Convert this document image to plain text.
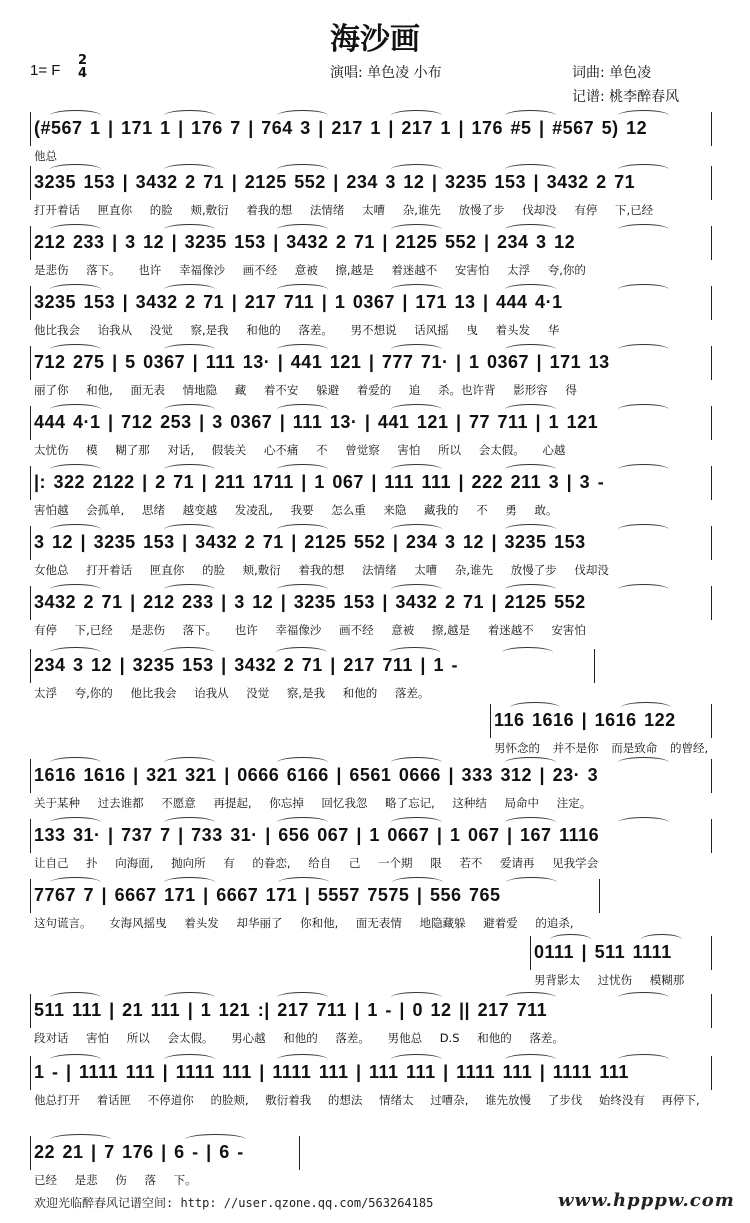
海沙画
1= F
2
4	演唱: 单色凌 小布	词曲: 单色凌
记谱: 桃李醉春风
(#567 1 | 171 1 | 176 7 | 764 3 | 217 1 | 217 1 | 176 #5 | #567 5) 12
他总
3235 153 | 3432 2 71 | 2125 552 | 234 3 12 | 3235 153 | 3432 2 71
打开着话 匣直你 的脸 颊,敷衍 着我的想 法情绪 太嘈 杂,谁先 放慢了步 伐却没 有停 下,已经
212 233 | 3 12 | 3235 153 | 3432 2 71 | 2125 552 | 234 3 12
是悲伤 落下。 也许 幸福像沙 画不经 意被 擦,越是 着迷越不 安害怕 太浮 夸,你的
3235 153 | 3432 2 71 | 217 711 | 1 0367 | 171 13 | 444 4·1
他比我会 诒我从 没觉 察,是我 和他的 落差。 男不想说 话风摇 曳 着头发 华
712 275 | 5 0367 | 111 13· | 441 121 | 777 71· | 1 0367 | 171 13
丽了你 和他, 面无表 情地隐 藏 着不安 躲避 着爱的 追 杀。也许背 影形容 得
444 4·1 | 712 253 | 3 0367 | 111 13· | 441 121 | 77 711 | 1 121
太忧伤 模 糊了那 对话, 假装关 心不痛 不 曾觉察 害怕 所以 会太假。 心越
|: 322 2122 | 2 71 | 211 1711 | 1 067 | 111 111 | 222 211 3 | 3 -
害怕越 会孤单, 思绪 越变越 发凌乱, 我要 怎么重 来隐 藏我的 不 勇 敢。
3 12 | 3235 153 | 3432 2 71 | 2125 552 | 234 3 12 | 3235 153
女他总 打开着话 匣直你 的脸 颊,敷衍 着我的想 法情绪 太嘈 杂,谁先 放慢了步 伐却没
3432 2 71 | 212 233 | 3 12 | 3235 153 | 3432 2 71 | 2125 552
有停 下,已经 是悲伤 落下。 也许 幸福像沙 画不经 意被 擦,越是 着迷越不 安害怕
234 3 12 | 3235 153 | 3432 2 71 | 217 711 | 1 -
太浮 夸,你的 他比我会 诒我从 没觉 察,是我 和他的 落差。
116 1616 | 1616 122
男怀念的 并不是你 而是致命 的曾经,
1616 1616 | 321 321 | 0666 6166 | 6561 0666 | 333 312 | 23· 3
关于某种 过去谁都 不愿意 再提起, 你忘掉 回忆我忽 略了忘记, 这种结 局命中 注定。
133 31· | 737 7 | 733 31· | 656 067 | 1 0667 | 1 067 | 167 1116
让自己 扑 向海面, 抛向所 有 的眷恋, 给自 己 一个期 限 若不 爱请再 见我学会
7767 7 | 6667 171 | 6667 171 | 5557 7575 | 556 765
这句谎言。 女海风摇曳 着头发 却华丽了 你和他, 面无表情 地隐藏躲 避着爱 的追杀,
0111 | 511 1111
男背影太 过忧伤 模糊那
511 111 | 21 111 | 1 121 :| 217 711 | 1 - | 0 12 || 217 711
段对话 害怕 所以 会太假。 男心越 和他的 落差。 男他总 D.S 和他的 落差。
1 - | 1111 111 | 1111 111 | 1111 111 | 111 111 | 1111 111 | 1111 111
他总打开 着话匣 不停道你 的脸颊, 敷衍着我 的想法 情绪太 过嘈杂, 谁先放慢 了步伐 始终没有 再停下,
22 21 | 7 176 | 6 - | 6 -
已经 是悲 伤 落 下。
欢迎光临醉春风记谱空间: http: //user.qzone.qq.com/563264185	www.hpppw.com
